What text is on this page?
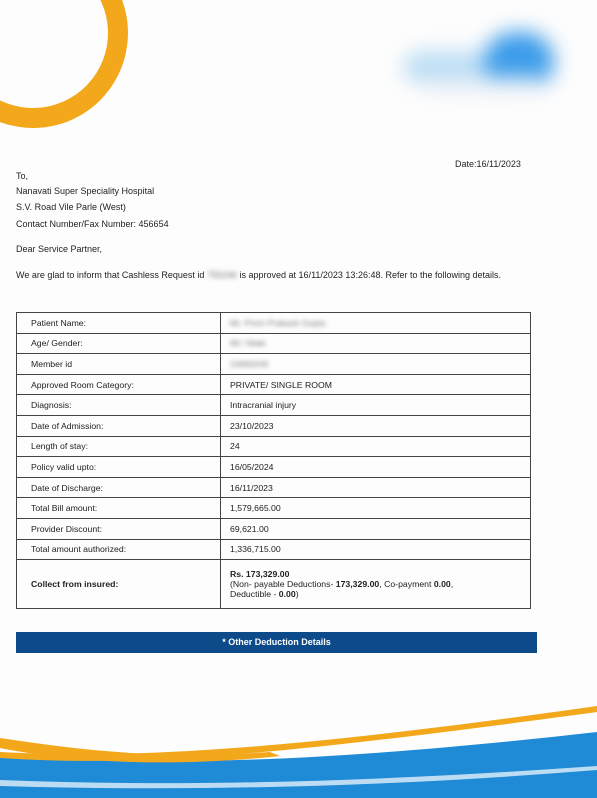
Date:16/11/2023
To,
Nanavati Super Speciality Hospital
S.V. Road Vile Parle (West)
Contact Number/Fax Number: 456654
Dear Service Partner,
We are glad to inform that Cashless Request id 755246 is approved at 16/11/2023 13:26:48. Refer to the following details.
Patient Name:	Mr. Prem Prakash Gupta
Age/ Gender:	66 / Male
Member id	10683245
Approved Room Category:	PRIVATE/ SINGLE ROOM
Diagnosis:	Intracranial injury
Date of Admission:	23/10/2023
Length of stay:	24
Policy valid upto:	16/05/2024
Date of Discharge:	16/11/2023
Total Bill amount:	1,579,665.00
Provider Discount:	69,621.00
Total amount authorized:	1,336,715.00
Collect from insured:	Rs. 173,329.00
(Non- payable Deductions- 173,329.00, Co-payment 0.00,
Deductible - 0.00)
* Other Deduction Details
